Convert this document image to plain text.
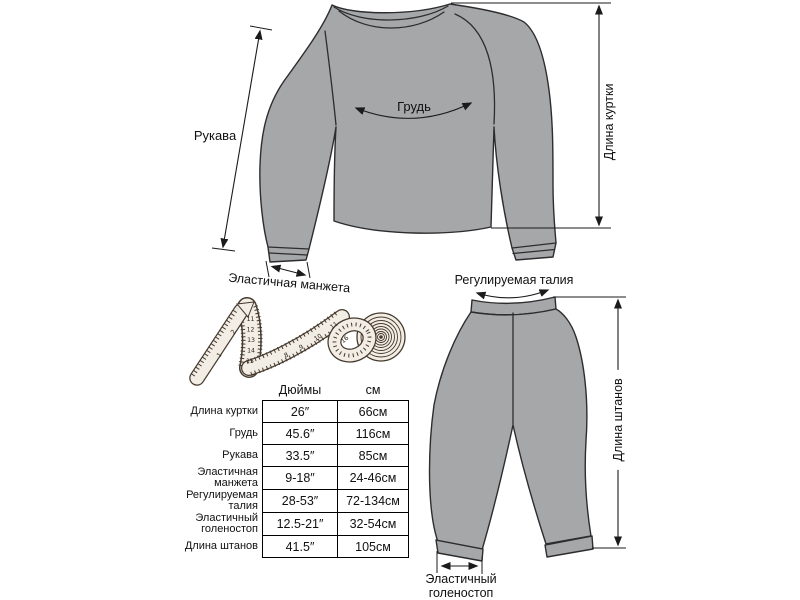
1
2
11
12
13
14
15
8
9
10
11
16
Рукава
Грудь	Длина куртки
Эластичная манжета	Регулируемая талия
Длина штанов
Эластичный
голеностоп
	Дюймы	см
Длина куртки	26″	66см
Грудь	45.6″	116см
Рукава	33.5″	85см
Эластичная манжета	9-18″	24-46см
Регулируемая талия	28-53″	72-134см
Эластичный голеностоп	12.5-21″	32-54см
Длина штанов	41.5″	105см
